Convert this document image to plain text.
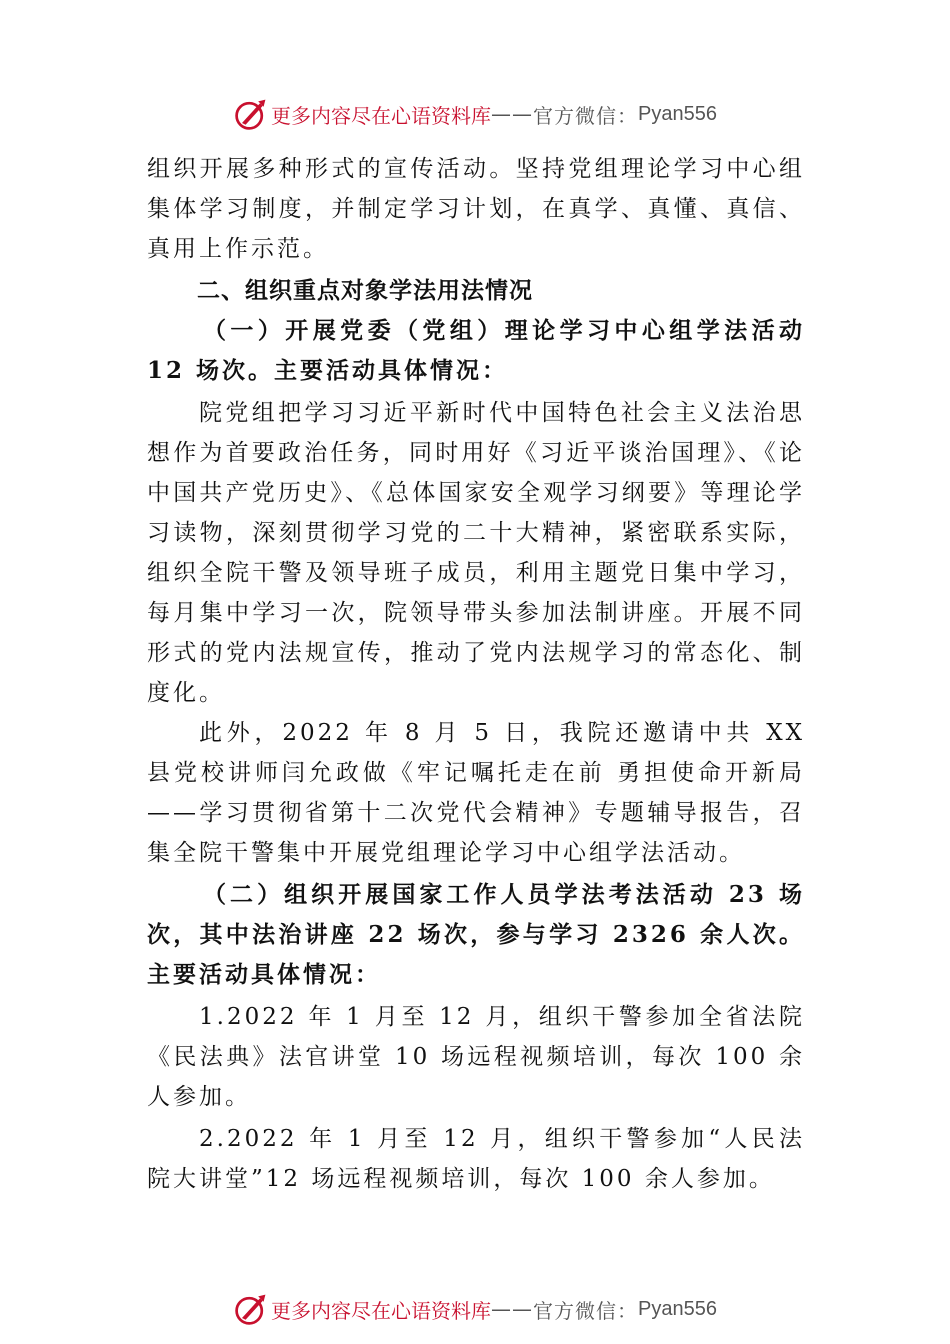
更多内容尽在心语资料库 —— 官方微信： Pyan556

组织开展多种形式的宣传活动。坚持党组理论学习中心组集体学习制度，并制定学习计划，在真学、真懂、真信、真用上作示范。

二、组织重点对象学法用法情况

（一）开展党委（党组）理论学习中心组学法活动 12 场次。主要活动具体情况：

院党组把学习习近平新时代中国特色社会主义法治思想作为首要政治任务，同时用好《习近平谈治国理》、《论中国共产党历史》、《总体国家安全观学习纲要》等理论学习读物，深刻贯彻学习党的二十大精神，紧密联系实际，组织全院干警及领导班子成员，利用主题党日集中学习，每月集中学习一次，院领导带头参加法制讲座。开展不同形式的党内法规宣传，推动了党内法规学习的常态化、制度化。

此外，2022 年 8 月 5 日，我院还邀请中共 XX 县党校讲师闫允政做《牢记嘱托走在前 勇担使命开新局——学习贯彻省第十二次党代会精神》专题辅导报告，召集全院干警集中开展党组理论学习中心组学法活动。

（二）组织开展国家工作人员学法考法活动 23 场次，其中法治讲座 22 场次，参与学习 2326 余人次。主要活动具体情况：

1.2022 年 1 月至 12 月，组织干警参加全省法院《民法典》法官讲堂 10 场远程视频培训，每次 100 余人参加。

2.2022 年 1 月至 12 月，组织干警参加“人民法院大讲堂”12 场远程视频培训，每次 100 余人参加。

更多内容尽在心语资料库 —— 官方微信： Pyan556
